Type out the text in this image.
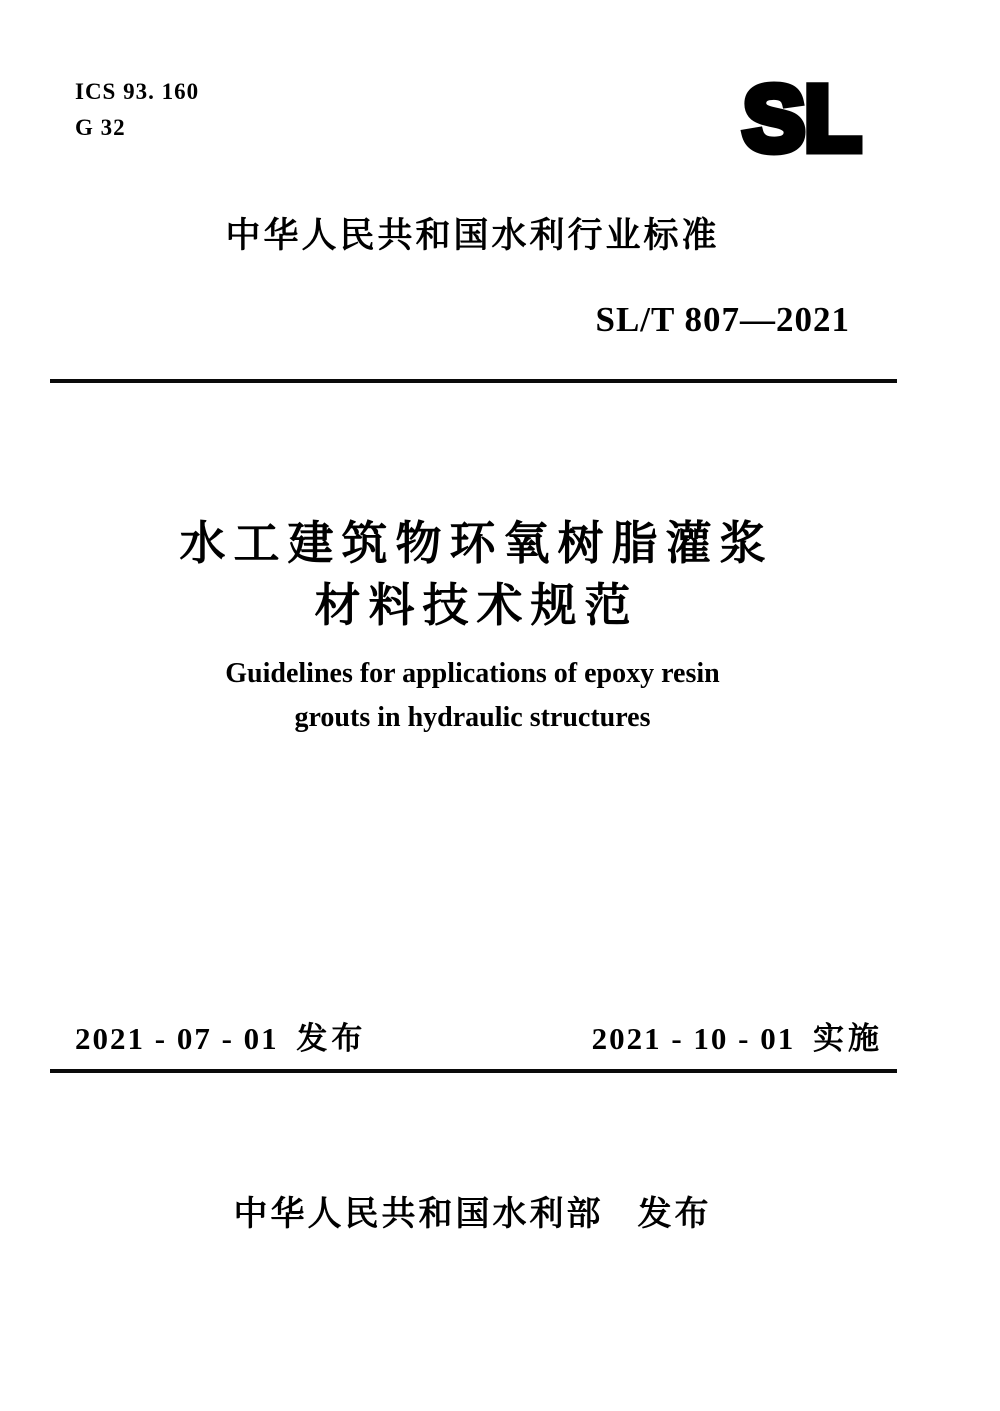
ICS 93. 160
G 32	SL
中华人民共和国水利行业标准
SL/T 807—2021
水工建筑物环氧树脂灌浆
材料技术规范
Guidelines for applications of epoxy resin
grouts in hydraulic structures
2021 - 07 - 01 发布	2021 - 10 - 01 实施
中华人民共和国水利部 发布
